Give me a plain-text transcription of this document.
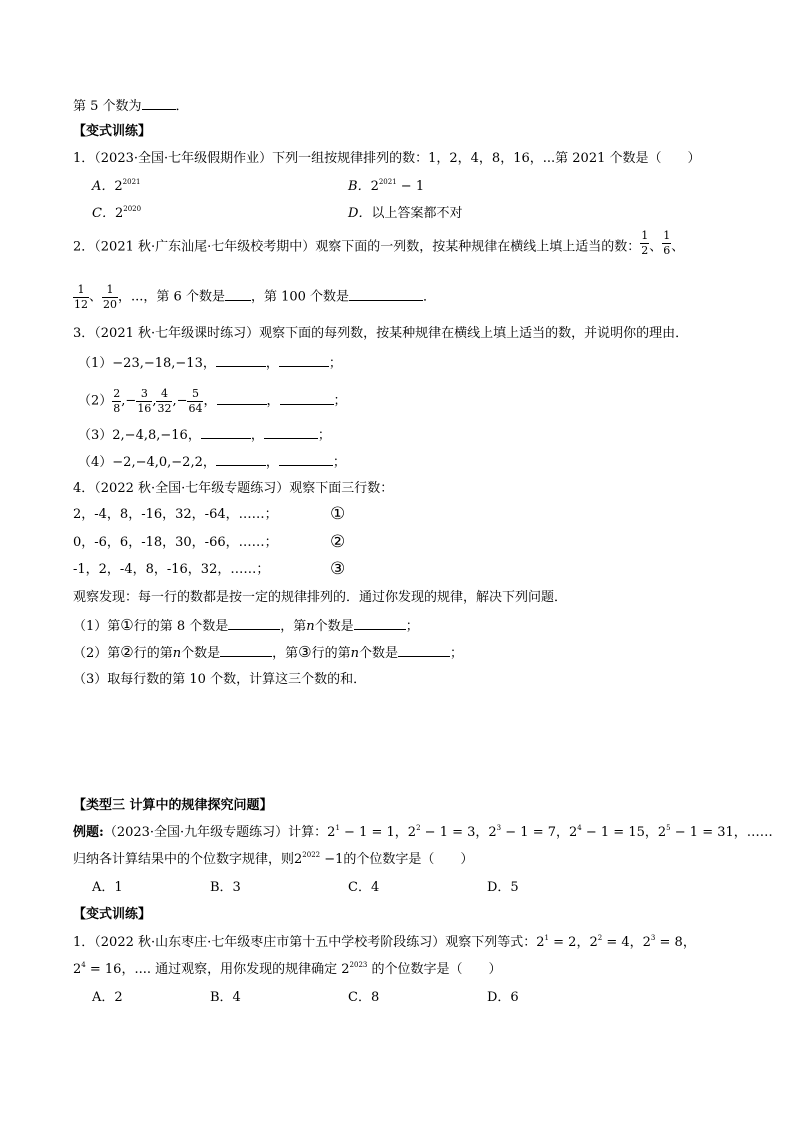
第 5 个数为	．
【变式训练】
1．（2023·全国·七年级假期作业）下列一组按规律排列的数：1，2，4，8，16，...第 2021 个数是（　　）
A．$2^{2021}$	B．$2^{2021} - 1$
C．$2^{2020}$	D．以上答案都不对
2．（2021 秋·广东汕尾·七年级校考期中）观察下面的一列数，按某种规律在横线上填上适当的数： $\frac{1}{2}$ 、 $\frac{1}{6}$ 、
$\frac{1}{12}$ 、 $\frac{1}{20}$ ，...，第 6 个数是 ，第 100 个数是	．
3．（2021 秋·七年级课时练习）观察下面的每列数，按某种规律在横线上填上适当的数，并说明你的理由．
（1）−23,−18,−13，	，	；
$(2) \frac{2}{8}$ ,− $\frac{3}{16}$ , $\frac{4}{32}$ ,− $\frac{5}{64}$ ，	，	；
（3）2,−4,8,−16，	，	；
（4）−2,−4,0,−2,2，	，	；
4．（2022 秋·全国·七年级专题练习）观察下面三行数：
2，-4，8，-16，32，-64，……；	①
0，-6，6，-18，30，-66，……；	②
-1，2，-4，8，-16，32，……；	③
观察发现：每一行的数都是按一定的规律排列的．通过你发现的规律，解决下列问题．
（1）第①行的第 8 个数是	，第n个数是	；
（2）第②行的第n个数是	，第③行的第n个数是	；
（3）取每行数的第 10 个数，计算这三个数的和．
【类型三 计算中的规律探究问题】
例题:（2023·全国·九年级专题练习）计算：$2^1 - 1 = 1$，$2^2 - 1 = 3$，$2^3 - 1 = 7$，$2^4 - 1 = 15$，$2^5 - 1 = 31$，……
归纳各计算结果中的个位数字规律，则$2^{2022} -1$的个位数字是（　　）
A．1	B．3	C．4	D．5
【变式训练】
1．（2022 秋·山东枣庄·七年级枣庄市第十五中学校考阶段练习）观察下列等式：$2^1 = 2$，$2^2 = 4$，$2^3 = 8$，
$2^4 = 16$，.... 通过观察，用你发现的规律确定 $2^{2023}$ 的个位数字是（　　）
A．2	B．4	C．8	D．6
